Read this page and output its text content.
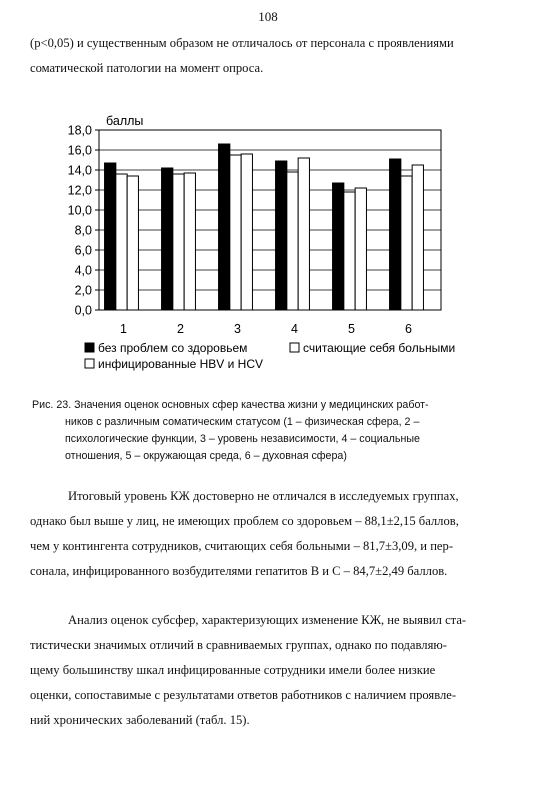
108
(p<0,05) и существенным образом не отличалось от персонала с проявлениями
соматической патологии на момент опроса.
0,0
2,0
4,0
6,0
8,0
10,0
12,0
14,0
16,0
18,0
баллы
1	2	3	4	5	6
без проблем со здоровьем	считающие себя больными
инфицированные HBV и HCV
Рис. 23. Значения оценок основных сфер качества жизни у медицинских работ-
ников с различным соматическим статусом (1 – физическая сфера, 2 –
психологические функции, 3 – уровень независимости, 4 – социальные
отношения, 5 – окружающая среда, 6 – духовная сфера)
Итоговый уровень КЖ достоверно не отличался в исследуемых группах,
однако был выше у лиц, не имеющих проблем со здоровьем – 88,1±2,15 баллов,
чем у контингента сотрудников, считающих себя больными – 81,7±3,09, и пер-
сонала, инфицированного возбудителями гепатитов В и С – 84,7±2,49 баллов.
Анализ оценок субсфер, характеризующих изменение КЖ, не выявил ста-
тистически значимых отличий в сравниваемых группах, однако по подавляю-
щему большинству шкал инфицированные сотрудники имели более низкие
оценки, сопоставимые с результатами ответов работников с наличием проявле-
ний хронических заболеваний (табл. 15).
